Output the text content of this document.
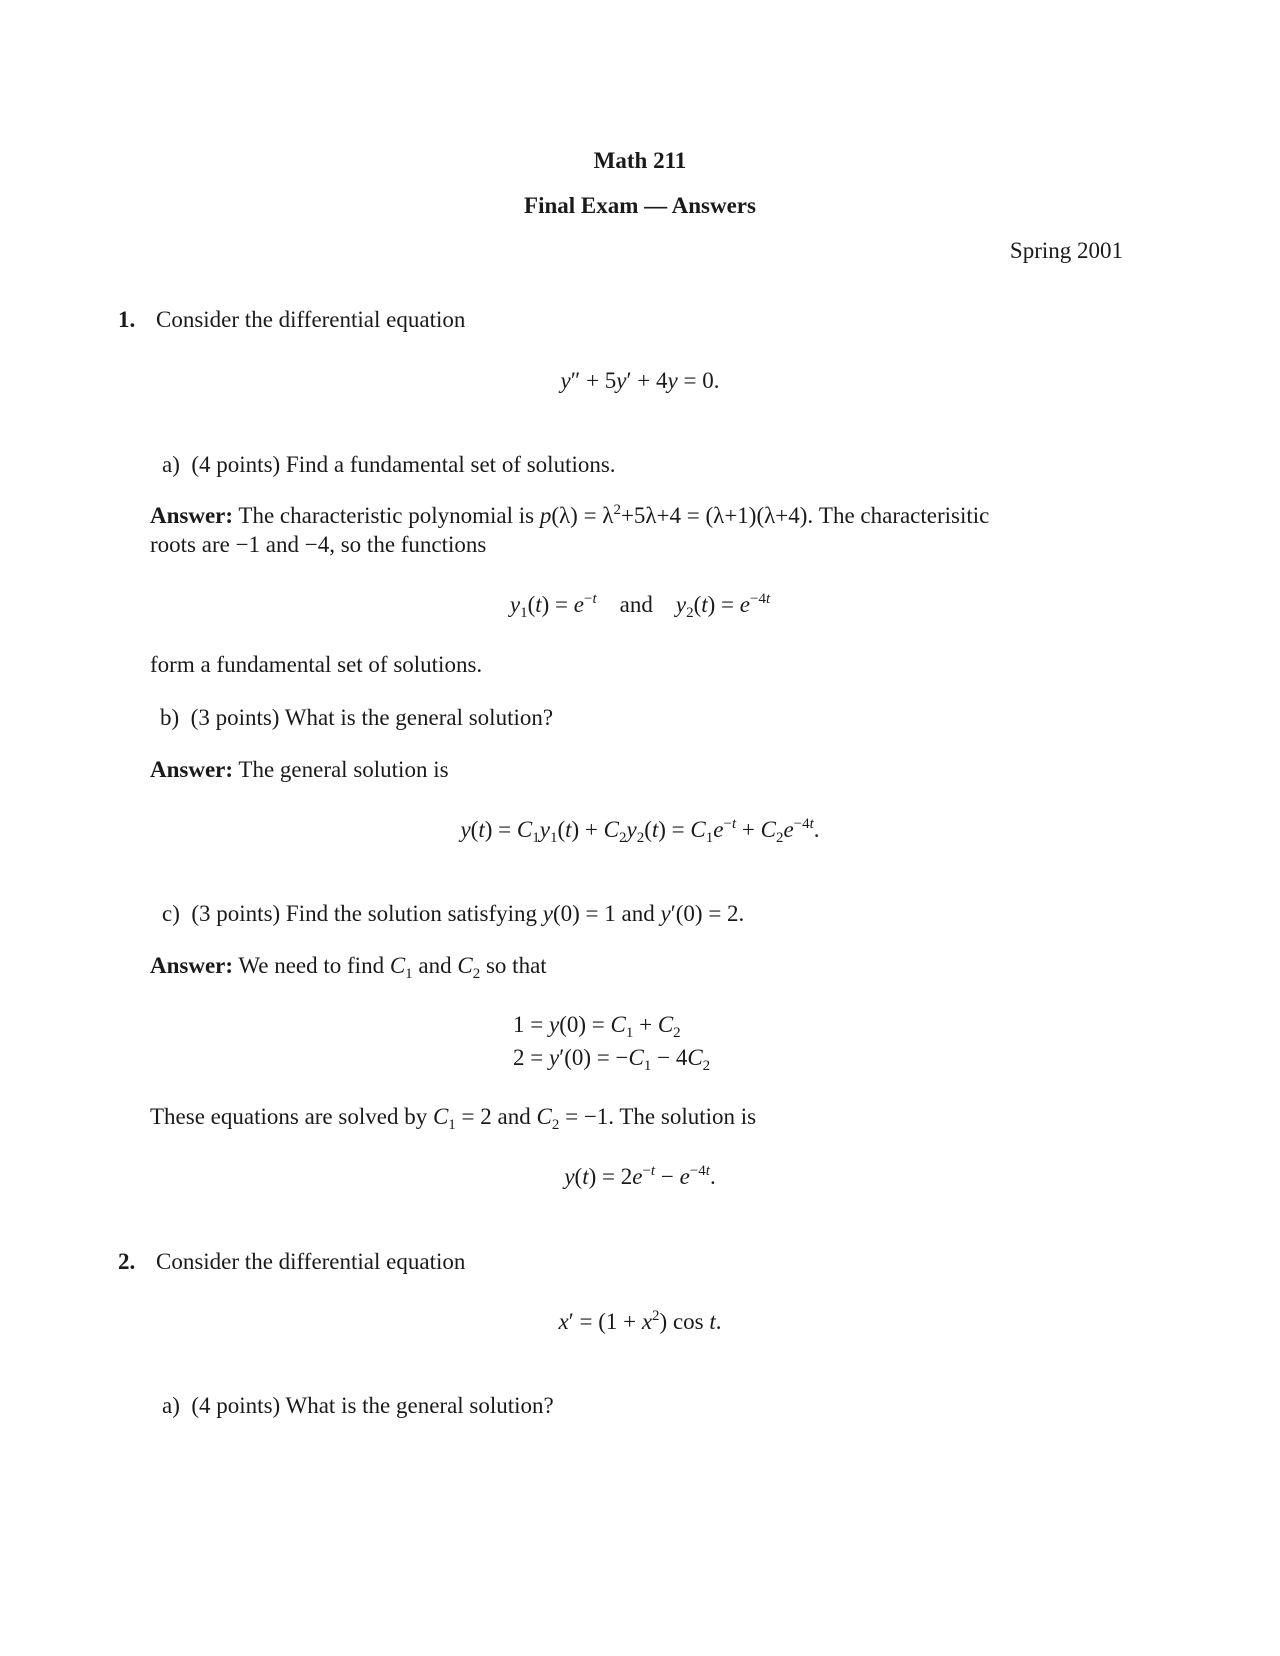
Math 211
Final Exam — Answers
Spring 2001
1. Consider the differential equation
y″ + 5y′ + 4y = 0.
a) (4 points) Find a fundamental set of solutions.
Answer: The characteristic polynomial is $p(\lambda) = \lambda^2+5\lambda+4 = (\lambda+1)(\lambda+4)$. The characterisitic
roots are −1 and −4, so the functions
$y_1(t) = e^{-t}$ and $y_2(t) = e^{-4t}$
form a fundamental set of solutions.
b) (3 points) What is the general solution?
Answer: The general solution is
$y(t) = C_1y_1(t) + C_2y_2(t) = C_1e^{-t} + C_2e^{-4t}$.
c) (3 points) Find the solution satisfying y(0) = 1 and y′(0) = 2.
Answer: We need to find $C_1$ and $C_2$ so that
$1 = y(0) = C_1 + C_2$
$2 = y'(0) = -C_1 - 4C_2$
These equations are solved by $C_1 = 2$ and $C_2 = -1$. The solution is
$y(t) = 2e^{-t} - e^{-4t}$.
2. Consider the differential equation
$x' = (1 + x^2)$ cos t.
a) (4 points) What is the general solution?
